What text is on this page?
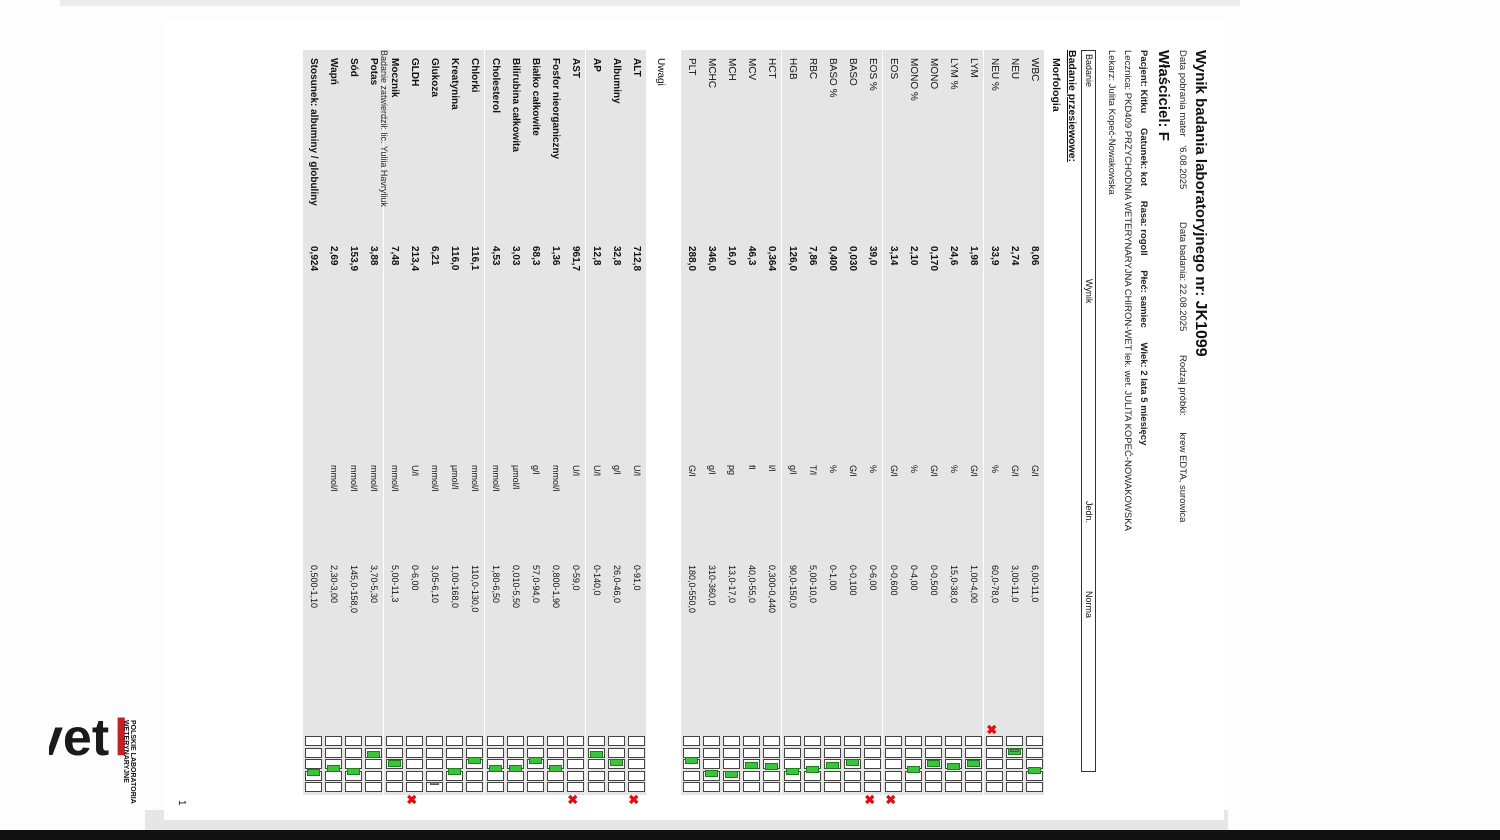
Wynik badania laboratoryjnego nr: JK1099
Data pobrania mater '6.08.2025
Data badania: 22.08.2025
Rodzaj próbki: krew EDTA, surowica
Właściciel: F
Pacjent: Kitku Gatunek: kot Rasa: rogoll Płeć: samiec Wiek: 2 lata 5 miesięcy
Lecznica: PKD409 PRZYCHODNIA WETERYNARYJNA CHIRON-WET lek. wet. JULITA KOPEĆ-NOWAKOWSKA
Lekarz: Julita Kopeć-Nowakowska
et l POLSKIE LABORATORIA
WETERYNARYJNE
1
Badanie
Wynik
Jedn.
Norma
Badanie przesiewowe:
Morfologia
WBC
8,06
G/l
6,00-11,0
NEU
2,74
G/l
3,00-11,0
NEU %
33,9
%
60,0-78,0
✖
LYM
1,98
G/l
1,00-4,00
LYM %
24,6
%
15,0-38,0
MONO
0,170
G/l
0-0,500
MONO %
2,10
%
0-4,00
EOS
3,14
G/l
0-0,600
✖
EOS %
39,0
%
0-6,00
✖
BASO
0,030
G/l
0-0,100
BASO %
0,400
%
0-1,00
RBC
7,86
T/l
5,00-10,0
HGB
126,0
g/l
90,0-150,0
HCT
0,364
l/l
0,300-0,440
MCV
46,3
fl
40,0-55,0
MCH
16,0
pg
13,0-17,0
MCHC
346,0
g/l
310-360,0
PLT
288,0
G/l
180,0-550,0
ALT
712,8
U/l
0-91,0
✖
Albuminy
32,8
g/l
26,0-46,0
AP
12,8
U/l
0-140,0
AST
961,7
U/l
0-59,0
✖
Fosfor nieorganiczny
1,36
mmol/l
0,800-1,90
Białko całkowite
68,3
g/l
57,0-94,0
Bilirubina całkowita
3,03
µmol/l
0,010-5,50
Cholesterol
4,53
mmol/l
1,80-6,50
Chlorki
116,1
mmol/l
110,0-130,0
Kreatynina
116,0
µmol/l
1,00-168,0
Glukoza
6,21
mmol/l
3,05-6,10
GLDH
213,4
U/l
0-6,00
✖
Mocznik
7,48
mmol/l
5,00-11,3
Potas
3,88
mmol/l
3,70-5,30
Sód
153,9
mmol/l
145,0-158,0
Wapń
2,69
mmol/l
2,30-3,00
Stosunek: albuminy / globuliny
0,924
0,500-1,10
Uwagi
Badanie zatwierdził: lic. Yuliia Havryliuk
